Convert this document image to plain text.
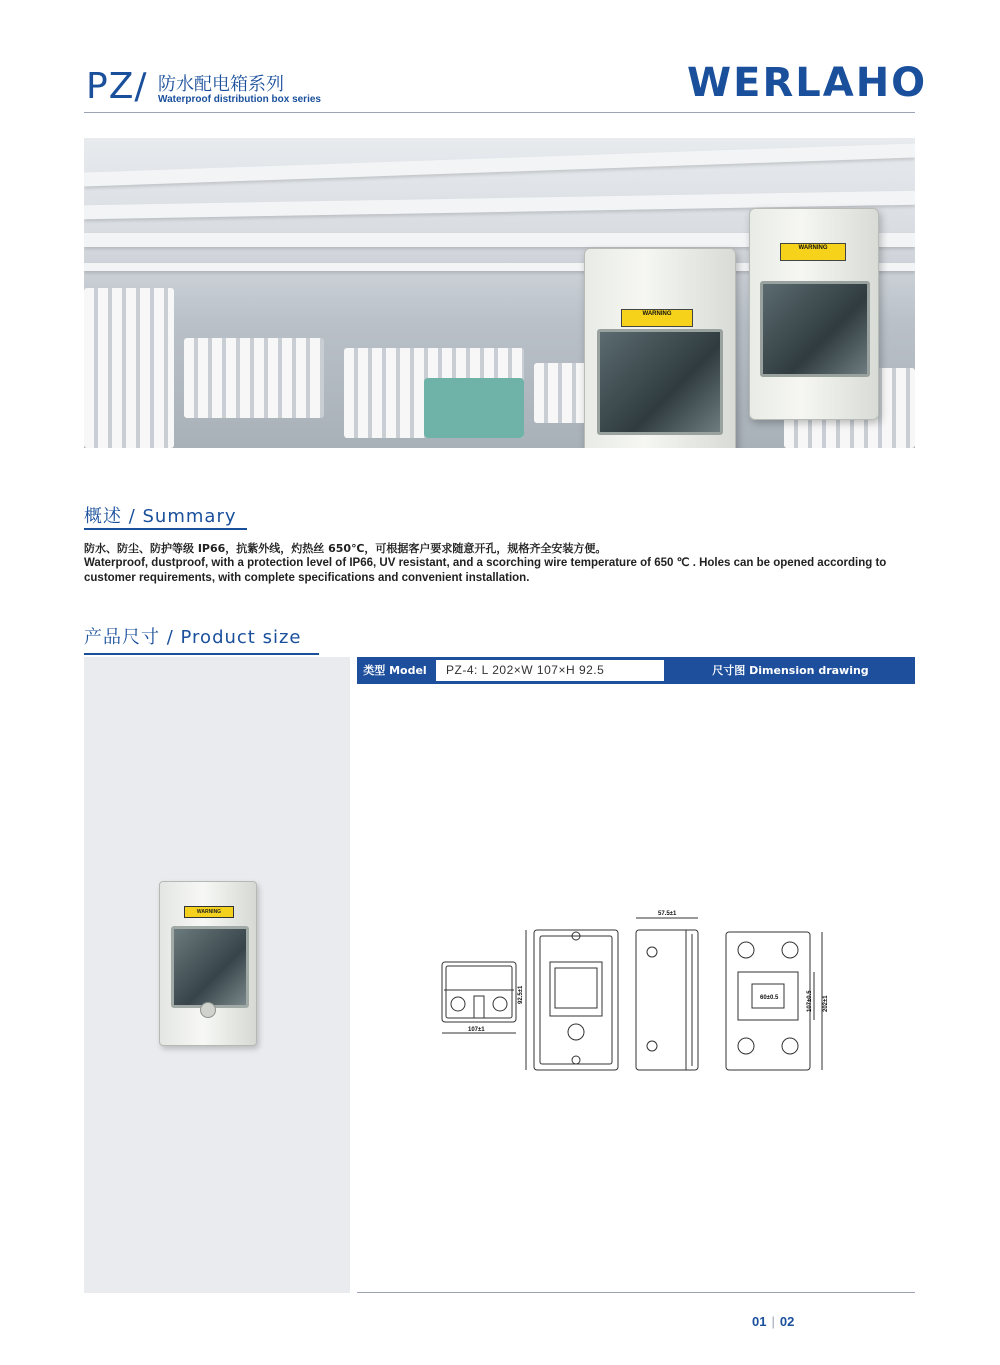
PZ/ 防水配电箱系列
Waterproof distribution box series	WERLAHO
WARNING
WARNING
概述 / Summary
防水、防尘、防护等级 IP66，抗紫外线，灼热丝 650℃，可根据客户要求随意开孔，规格齐全安装方便。
Waterproof, dustproof, with a protection level of IP66, UV resistant, and a scorching wire temperature of 650 ℃ . Holes can be opened according to customer requirements, with complete specifications and convenient installation.
产品尺寸 / Product size
WARNING
类型 Model	PZ-4: L 202×W 107×H 92.5	尺寸图 Dimension drawing
107±1
92.5±1
57.5±1
202±1
107±0.5
60±0.5
01 | 02
